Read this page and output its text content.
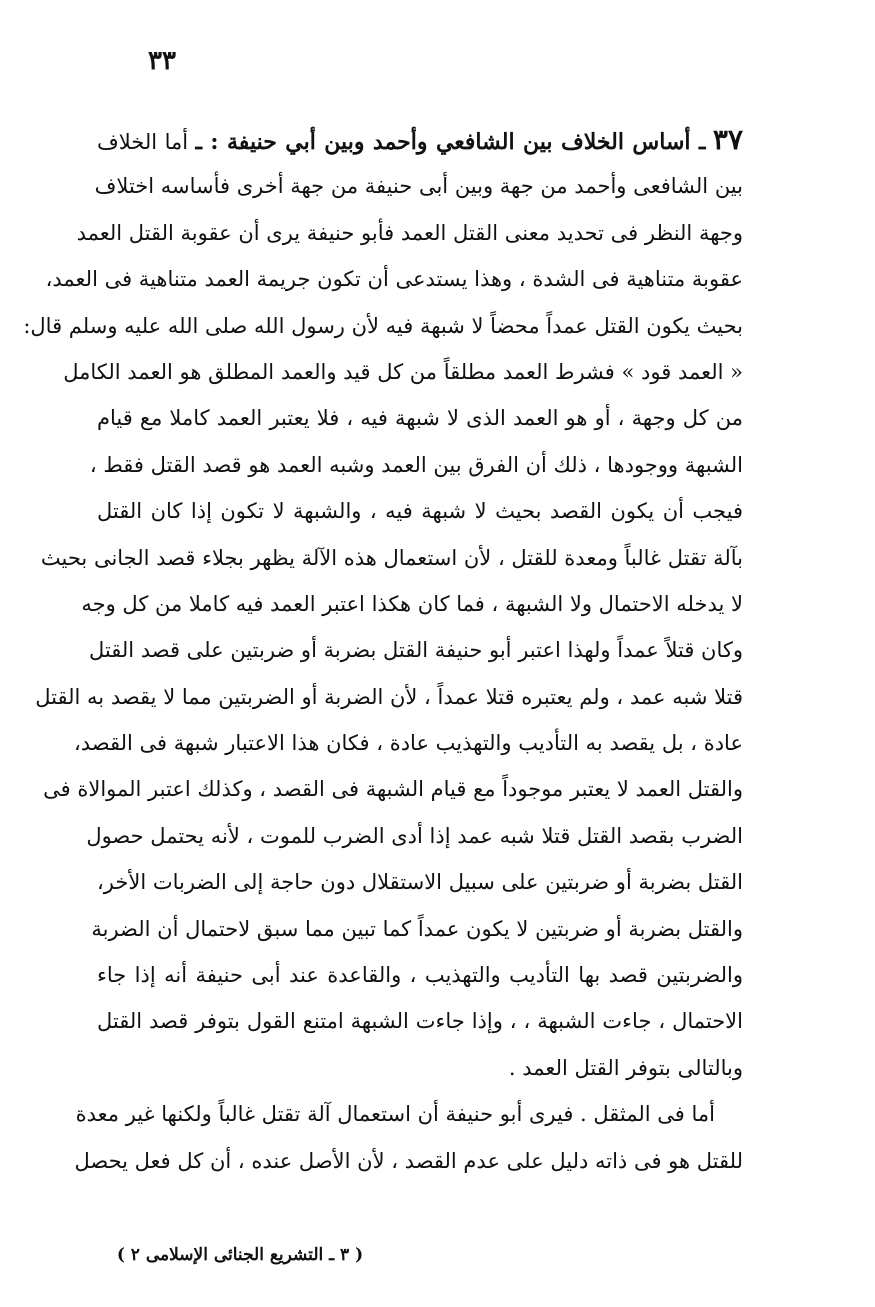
٣٣
٣٧ ـ أساس الخلاف بين الشافعي وأحمد وبين أبي حنيفة : ـ أما الخلاف
بين الشافعى وأحمد من جهة وبين أبى حنيفة من جهة أخرى فأساسه اختلاف
وجهة النظر فى تحديد معنى القتل العمد فأبو حنيفة يرى أن عقوبة القتل العمد
عقوبة متناهية فى الشدة ، وهذا يستدعى أن تكون جريمة العمد متناهية فى العمد،
بحيث يكون القتل عمداً محضاً لا شبهة فيه لأن رسول الله صلى الله عليه وسلم قال:
« العمد قود » فشرط العمد مطلقاً من كل قيد والعمد المطلق هو العمد الكامل
من كل وجهة ، أو هو العمد الذى لا شبهة فيه ، فلا يعتبر العمد كاملا مع قيام
الشبهة ووجودها ، ذلك أن الفرق بين العمد وشبه العمد هو قصد القتل فقط ،
فيجب أن يكون القصد بحيث لا شبهة فيه ، والشبهة لا تكون إذا كان القتل
بآلة تقتل غالباً ومعدة للقتل ، لأن استعمال هذه الآلة يظهر بجلاء قصد الجانى بحيث
لا يدخله الاحتمال ولا الشبهة ، فما كان هكذا اعتبر العمد فيه كاملا من كل وجه
وكان قتلاً عمداً ولهذا اعتبر أبو حنيفة القتل بضربة أو ضربتين على قصد القتل
قتلا شبه عمد ، ولم يعتبره قتلا عمداً ، لأن الضربة أو الضربتين مما لا يقصد به القتل
عادة ، بل يقصد به التأديب والتهذيب عادة ، فكان هذا الاعتبار شبهة فى القصد،
والقتل العمد لا يعتبر موجوداً مع قيام الشبهة فى القصد ، وكذلك اعتبر الموالاة فى
الضرب بقصد القتل قتلا شبه عمد إذا أدى الضرب للموت ، لأنه يحتمل حصول
القتل بضربة أو ضربتين على سبيل الاستقلال دون حاجة إلى الضربات الأخر،
والقتل بضربة أو ضربتين لا يكون عمداً كما تبين مما سبق لاحتمال أن الضربة
والضربتين قصد بها التأديب والتهذيب ، والقاعدة عند أبى حنيفة أنه إذا جاء
الاحتمال ، جاءت الشبهة ، ، وإذا جاءت الشبهة امتنع القول بتوفر قصد القتل
وبالتالى بتوفر القتل العمد .
أما فى المثقل . فيرى أبو حنيفة أن استعمال آلة تقتل غالباً ولكنها غير معدة
للقتل هو فى ذاته دليل على عدم القصد ، لأن الأصل عنده ، أن كل فعل يحصل
( ٣ ـ التشريع الجنائى الإسلامى ٢ )
